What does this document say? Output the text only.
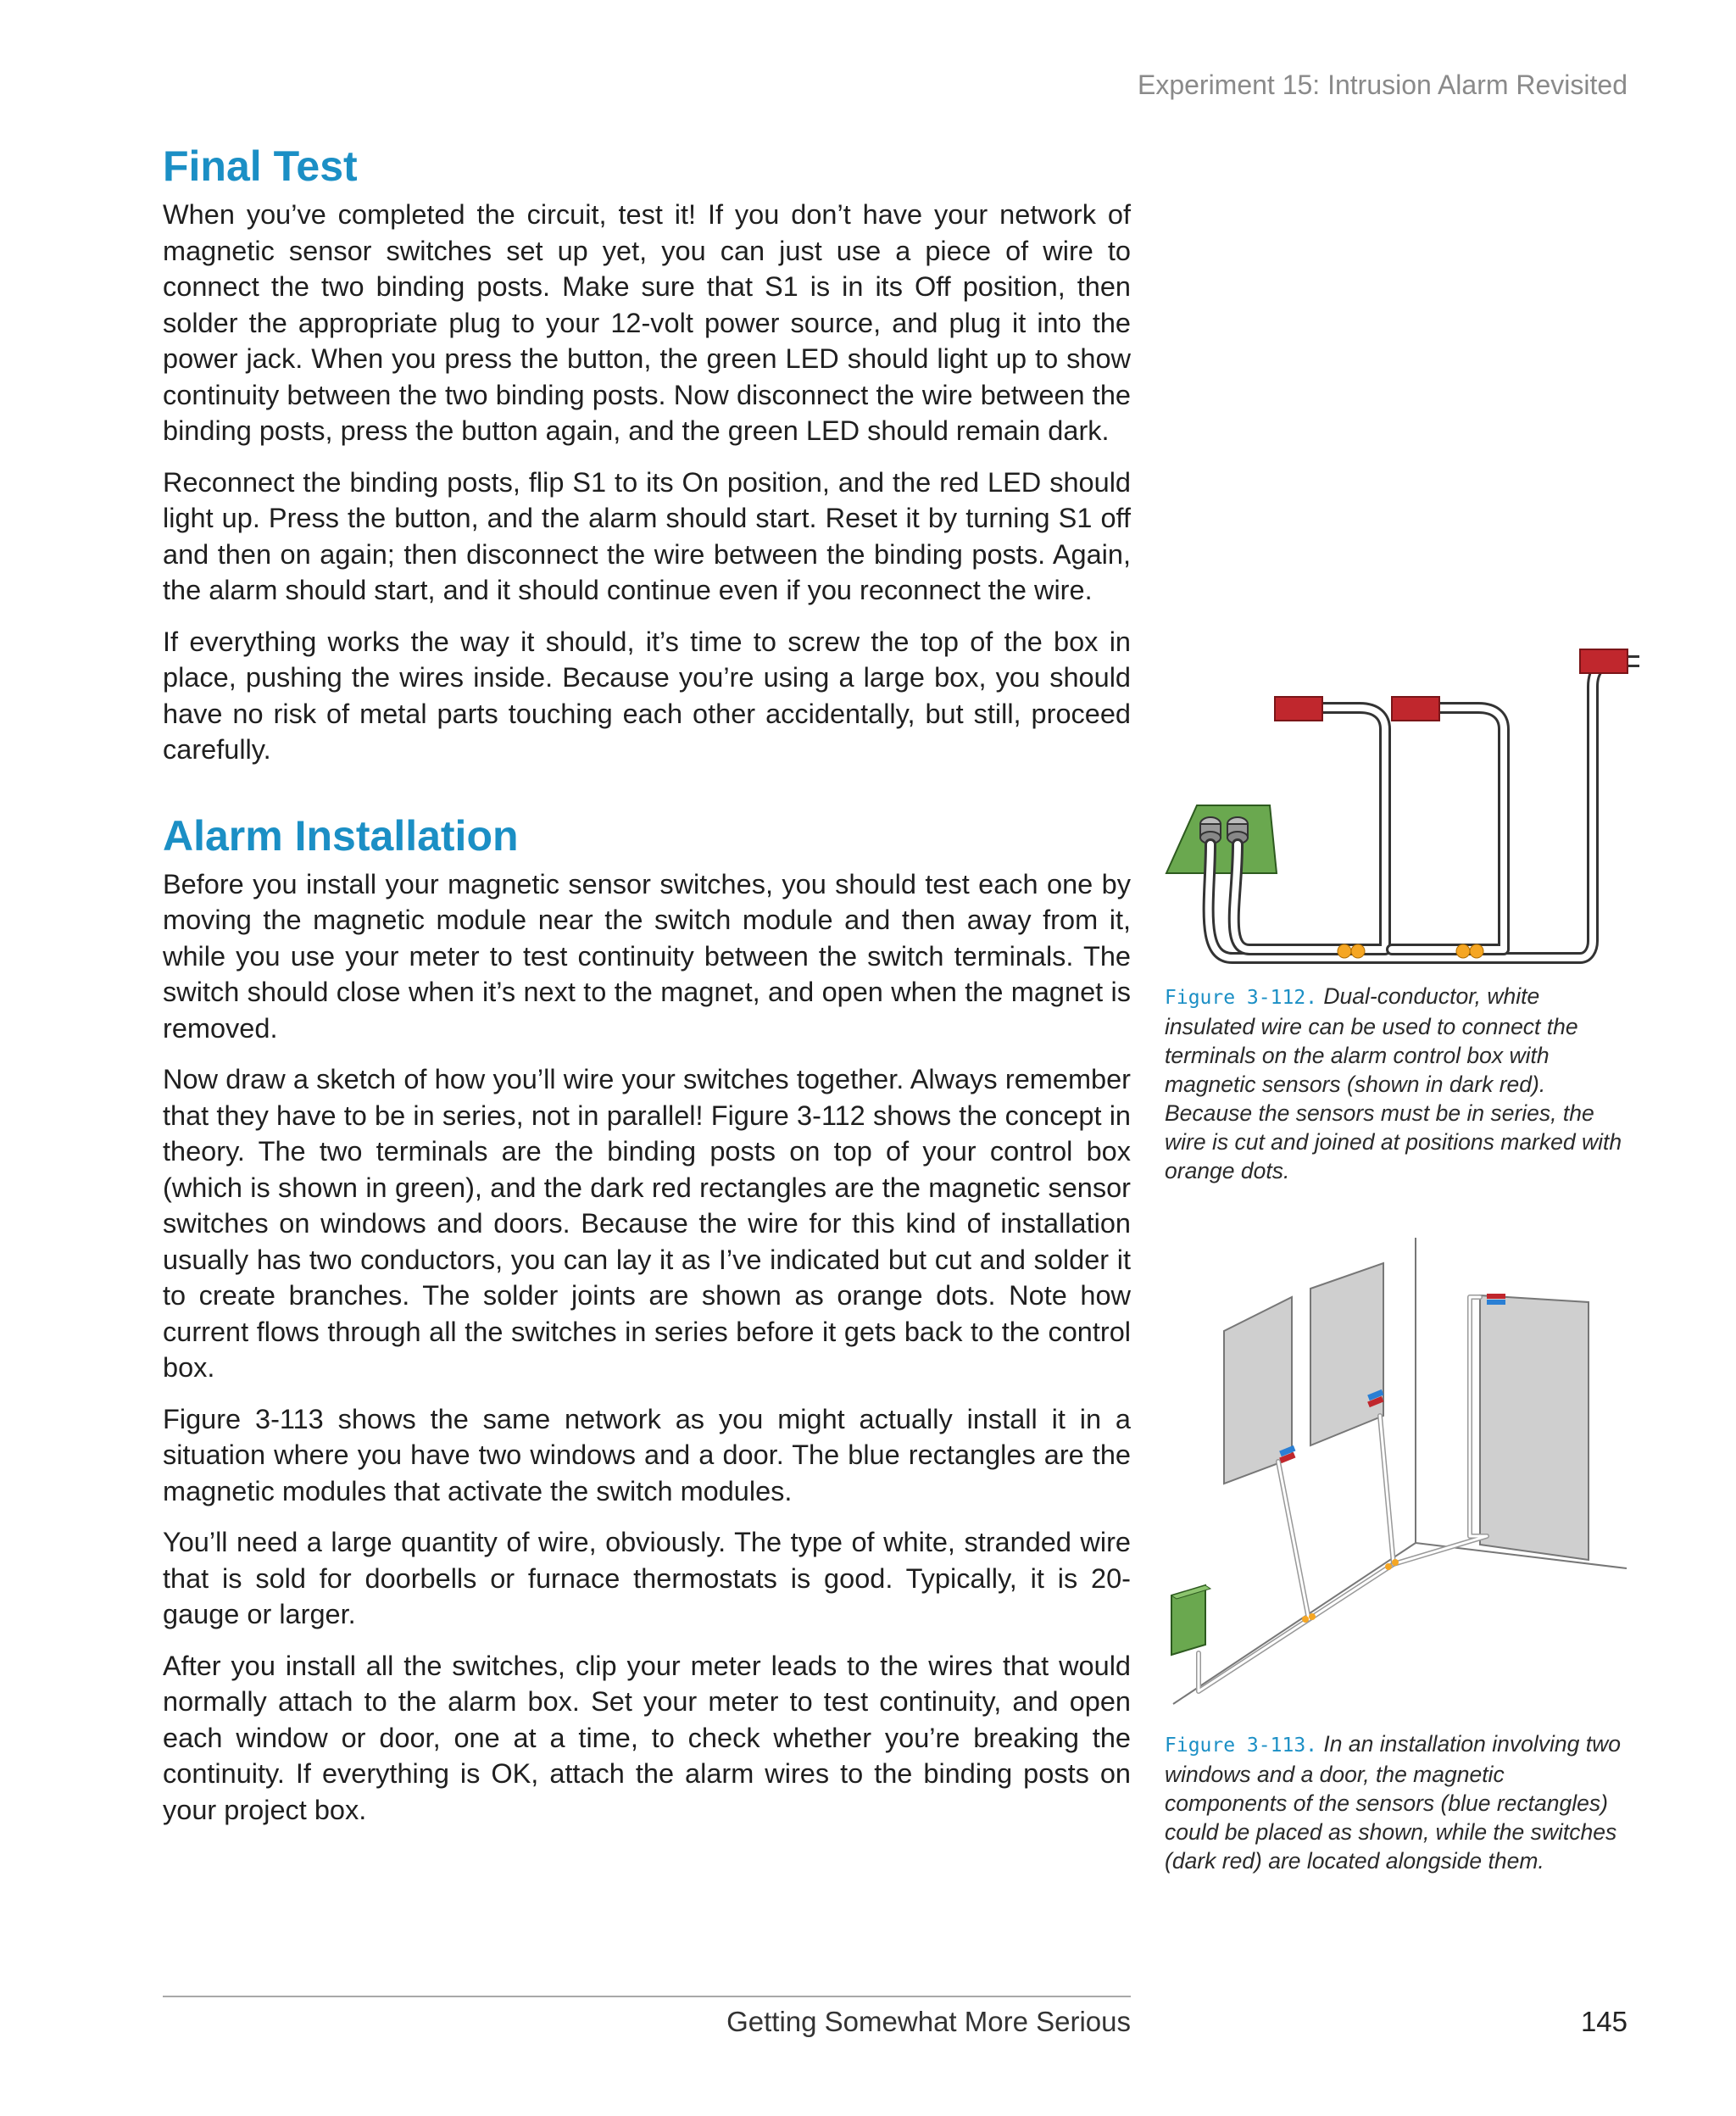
Experiment 15: Intrusion Alarm Revisited
Final Test

When you’ve completed the circuit, test it! If you don’t have your network of magnetic sensor switches set up yet, you can just use a piece of wire to connect the two binding posts. Make sure that S1 is in its Off position, then solder the appropriate plug to your 12-volt power source, and plug it into the power jack. When you press the button, the green LED should light up to show continuity between the two binding posts. Now disconnect the wire between the binding posts, press the button again, and the green LED should remain dark.

Reconnect the binding posts, flip S1 to its On position, and the red LED should light up. Press the button, and the alarm should start. Reset it by turning S1 off and then on again; then disconnect the wire between the binding posts. Again, the alarm should start, and it should continue even if you reconnect the wire.

If everything works the way it should, it’s time to screw the top of the box in place, pushing the wires inside. Because you’re using a large box, you should have no risk of metal parts touching each other accidentally, but still, proceed carefully.

Alarm Installation

Before you install your magnetic sensor switches, you should test each one by moving the magnetic module near the switch module and then away from it, while you use your meter to test continuity between the switch terminals. The switch should close when it’s next to the magnet, and open when the magnet is removed.

Now draw a sketch of how you’ll wire your switches together. Always remember that they have to be in series, not in parallel! Figure 3-112 shows the concept in theory. The two terminals are the binding posts on top of your control box (which is shown in green), and the dark red rectangles are the magnetic sensor switches on windows and doors. Because the wire for this kind of installation usually has two conductors, you can lay it as I’ve indicated but cut and solder it to create branches. The solder joints are shown as orange dots. Note how current flows through all the switches in series before it gets back to the control box.

Figure 3-113 shows the same network as you might actually install it in a situation where you have two windows and a door. The blue rectangles are the magnetic modules that activate the switch modules.

You’ll need a large quantity of wire, obviously. The type of white, stranded wire that is sold for doorbells or furnace thermostats is good. Typically, it is 20-gauge or larger.

After you install all the switches, clip your meter leads to the wires that would normally attach to the alarm box. Set your meter to test continuity, and open each window or door, one at a time, to check whether you’re breaking the continuity. If everything is OK, attach the alarm wires to the binding posts on your project box.

Figure 3-112. Dual-conductor, white insulated wire can be used to connect the terminals on the alarm control box with magnetic sensors (shown in dark red). Because the sensors must be in series, the wire is cut and joined at positions marked with orange dots.
Figure 3-113. In an installation involving two windows and a door, the magnetic components of the sensors (blue rectangles) could be placed as shown, while the switches (dark red) are located alongside them.
Getting Somewhat More Serious	145
